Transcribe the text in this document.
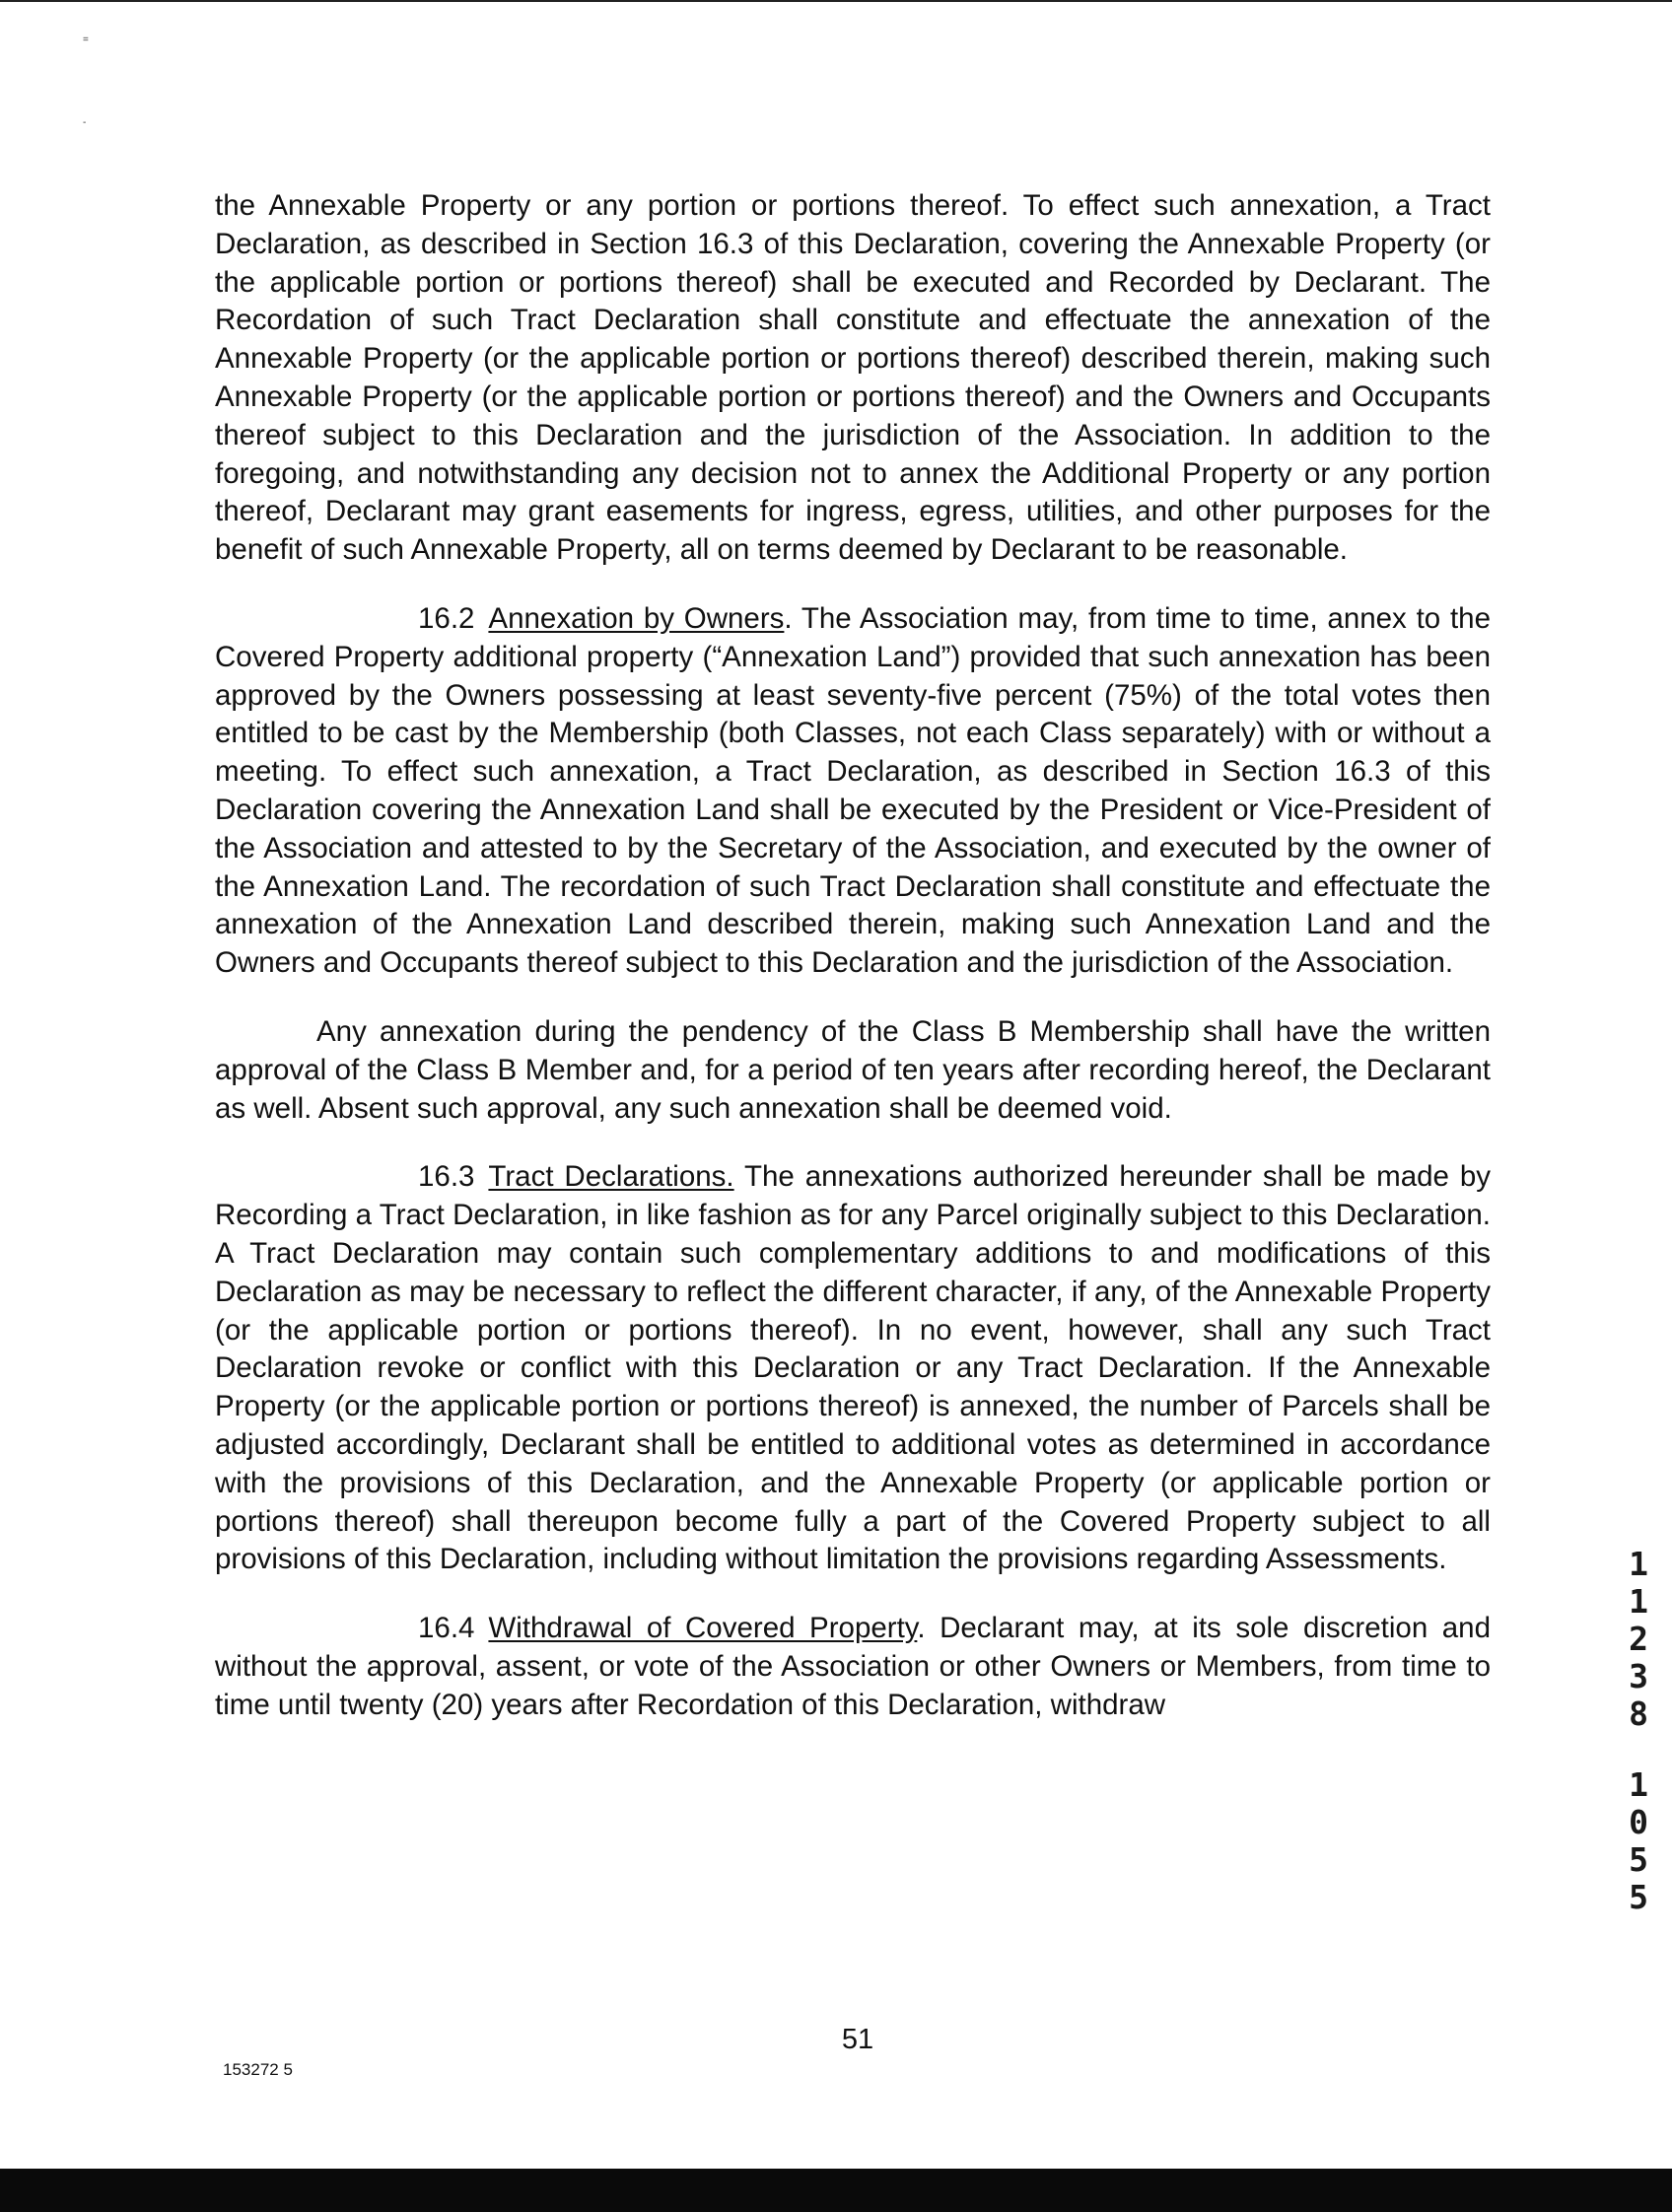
=
-

the Annexable Property or any portion or portions thereof. To effect such annexation, a Tract Declaration, as described in Section 16.3 of this Declaration, covering the Annexable Property (or the applicable portion or portions thereof) shall be executed and Recorded by Declarant. The Recordation of such Tract Declaration shall constitute and effectuate the annexation of the Annexable Property (or the applicable portion or portions thereof) described therein, making such Annexable Property (or the applicable portion or portions thereof) and the Owners and Occupants thereof subject to this Declaration and the jurisdiction of the Association. In addition to the foregoing, and notwithstanding any decision not to annex the Additional Property or any portion thereof, Declarant may grant easements for ingress, egress, utilities, and other purposes for the benefit of such Annexable Property, all on terms deemed by Declarant to be reasonable.

16.2 Annexation by Owners. The Association may, from time to time, annex to the Covered Property additional property (“Annexation Land”) provided that such annexation has been approved by the Owners possessing at least seventy-five percent (75%) of the total votes then entitled to be cast by the Membership (both Classes, not each Class separately) with or without a meeting. To effect such annexation, a Tract Declaration, as described in Section 16.3 of this Declaration covering the Annexation Land shall be executed by the President or Vice-President of the Association and attested to by the Secretary of the Association, and executed by the owner of the Annexation Land. The recordation of such Tract Declaration shall constitute and effectuate the annexation of the Annexation Land described therein, making such Annexation Land and the Owners and Occupants thereof subject to this Declaration and the jurisdiction of the Association.

Any annexation during the pendency of the Class B Membership shall have the written approval of the Class B Member and, for a period of ten years after recording hereof, the Declarant as well. Absent such approval, any such annexation shall be deemed void.

16.3 Tract Declarations. The annexations authorized hereunder shall be made by Recording a Tract Declaration, in like fashion as for any Parcel originally subject to this Declaration. A Tract Declaration may contain such complementary additions to and modifications of this Declaration as may be necessary to reflect the different character, if any, of the Annexable Property (or the applicable portion or portions thereof). In no event, however, shall any such Tract Declaration revoke or conflict with this Declaration or any Tract Declaration. If the Annexable Property (or the applicable portion or portions thereof) is annexed, the number of Parcels shall be adjusted accordingly, Declarant shall be entitled to additional votes as determined in accordance with the provisions of this Declaration, and the Annexable Property (or applicable portion or portions thereof) shall thereupon become fully a part of the Covered Property subject to all provisions of this Declaration, including without limitation the provisions regarding Assessments.

16.4 Withdrawal of Covered Property. Declarant may, at its sole discretion and without the approval, assent, or vote of the Association or other Owners or Members, from time to time until twenty (20) years after Recordation of this Declaration, withdraw

51
153272 5
1
1
2
3
8
1
0
5
5
